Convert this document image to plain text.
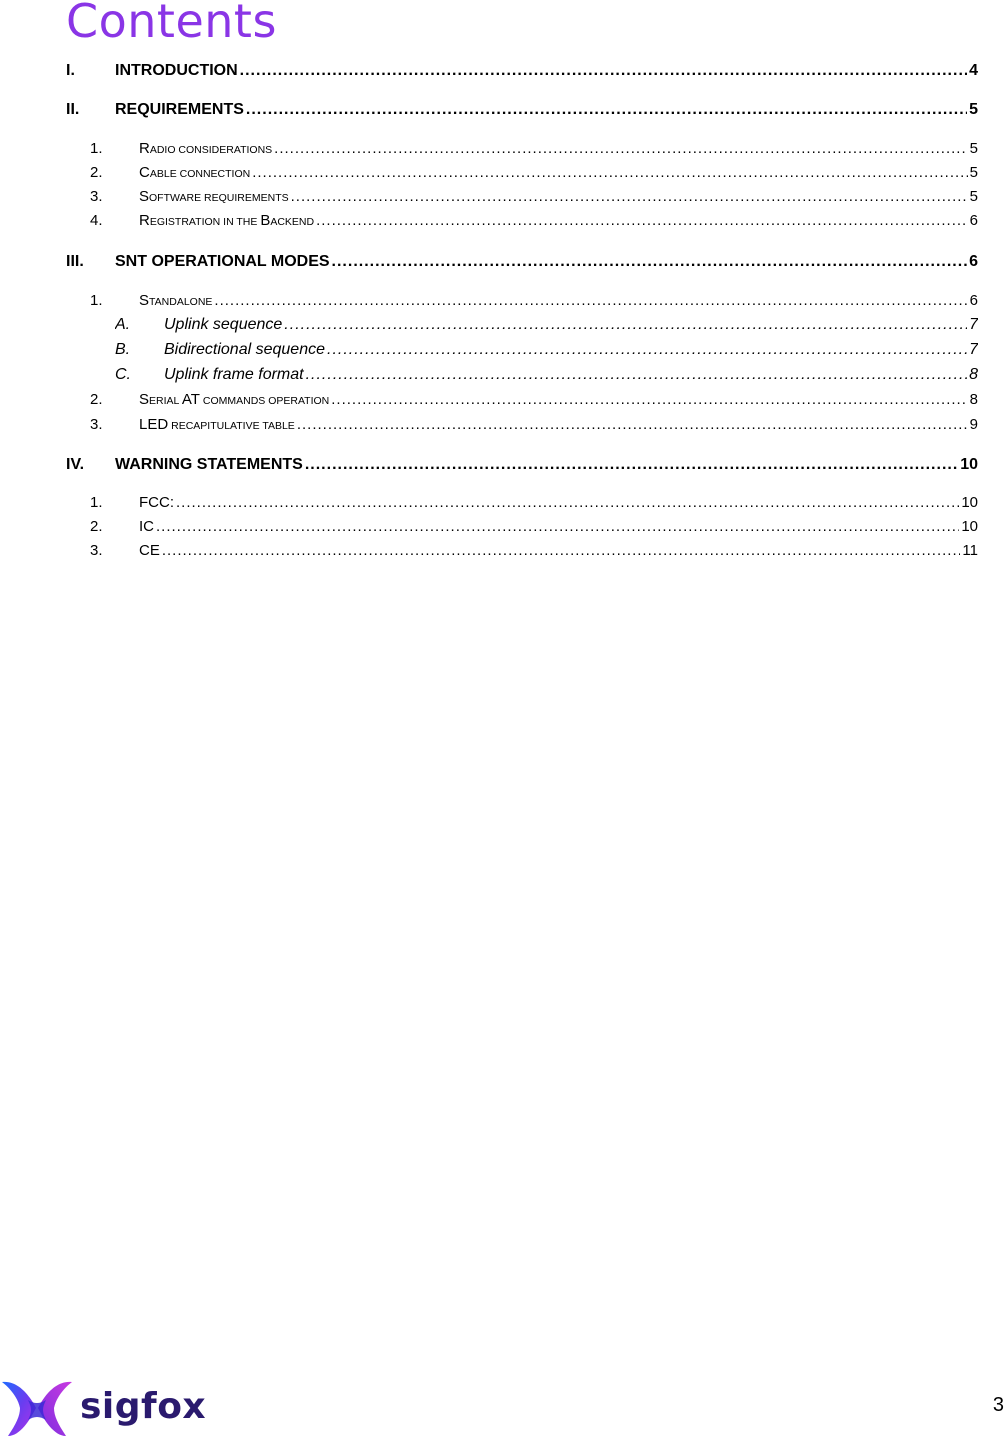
Contents
I.	INTRODUCTION .....	4
II.	REQUIREMENTS .....	5
1.	RADIO CONSIDERATIONS .....	5
2.	CABLE CONNECTION .....	5
3.	SOFTWARE REQUIREMENTS .....	5
4.	REGISTRATION IN THE BACKEND .....	6
III.	SNT OPERATIONAL MODES .....	6
1.	STANDALONE .....	6
A.	Uplink sequence .....	7
B.	Bidirectional sequence .....	7
C.	Uplink frame format .....	8
2.	SERIAL AT COMMANDS OPERATION .....	8
3.	LED RECAPITULATIVE TABLE .....	9
IV.	WARNING STATEMENTS .....	10
1.	FCC: .....	10
2.	IC .....	10
3.	CE .....	11
sigfox	3
